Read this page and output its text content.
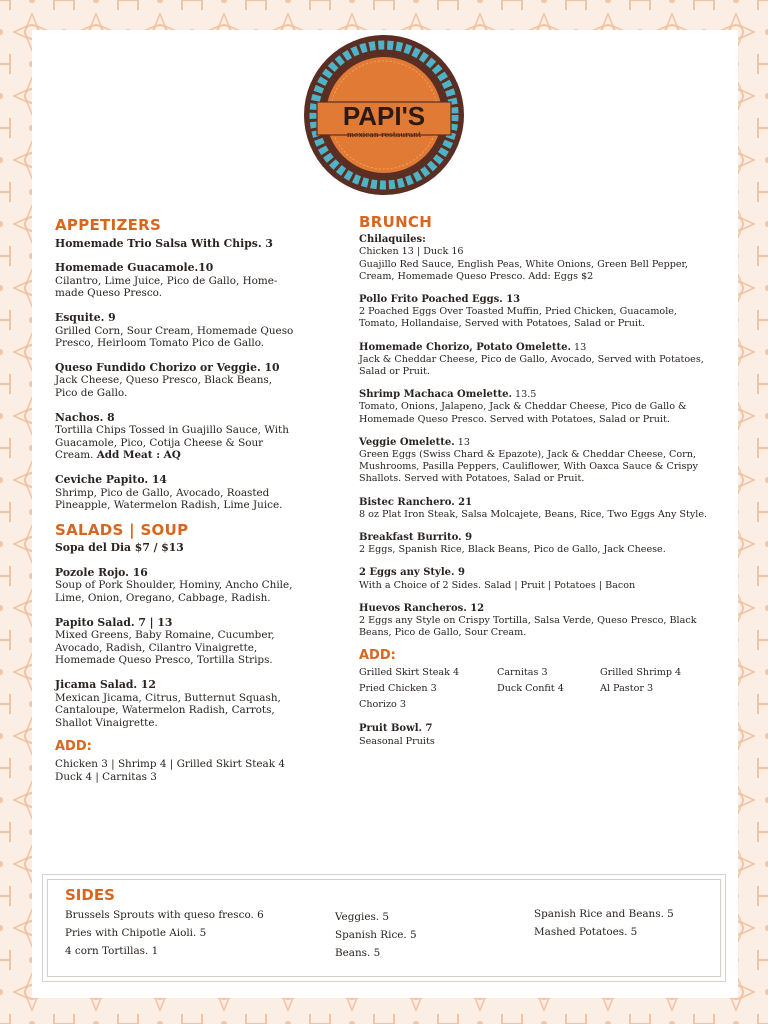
PAPI'S
mexican restaurant
APPETIZERS
Homemade Trio Salsa With Chips. 3
Homemade Guacamole.10
Cilantro, Lime Juice, Pico de Gallo, Home-made Queso Presco.
Esquite. 9
Grilled Corn, Sour Cream, Homemade Queso Presco, Heirloom Tomato Pico de Gallo.
Queso Fundido Chorizo or Veggie. 10
Jack Cheese, Queso Presco, Black Beans, Pico de Gallo.
Nachos. 8
Tortilla Chips Tossed in Guajillo Sauce, With Guacamole, Pico, Cotija Cheese & Sour Cream. Add Meat : AQ
Ceviche Papito. 14
Shrimp, Pico de Gallo, Avocado, Roasted Pineapple, Watermelon Radish, Lime Juice.
SALADS | SOUP
Sopa del Dia $7 / $13
Pozole Rojo. 16
Soup of Pork Shoulder, Hominy, Ancho Chile, Lime, Onion, Oregano, Cabbage, Radish.
Papito Salad. 7 | 13
Mixed Greens, Baby Romaine, Cucumber, Avocado, Radish, Cilantro Vinaigrette, Homemade Queso Presco, Tortilla Strips.
Jicama Salad. 12
Mexican Jicama, Citrus, Butternut Squash, Cantaloupe, Watermelon Radish, Carrots, Shallot Vinaigrette.
ADD:
Chicken 3 | Shrimp 4 | Grilled Skirt Steak 4
Duck 4 | Carnitas 3
BRUNCH
Chilaquiles:
Chicken 13 | Duck 16
Guajillo Red Sauce, English Peas, White Onions, Green Bell Pepper, Cream, Homemade Queso Presco. Add: Eggs $2
Pollo Frito Poached Eggs. 13
2 Poached Eggs Over Toasted Muffin, Pried Chicken, Guacamole, Tomato, Hollandaise, Served with Potatoes, Salad or Pruit.
Homemade Chorizo, Potato Omelette. 13
Jack & Cheddar Cheese, Pico de Gallo, Avocado, Served with Potatoes, Salad or Pruit.
Shrimp Machaca Omelette. 13.5
Tomato, Onions, Jalapeno, Jack & Cheddar Cheese, Pico de Gallo & Homemade Queso Presco. Served with Potatoes, Salad or Pruit.
Veggie Omelette. 13
Green Eggs (Swiss Chard & Epazote), Jack & Cheddar Cheese, Corn, Mushrooms, Pasilla Peppers, Cauliflower, With Oaxca Sauce & Crispy Shallots. Served with Potatoes, Salad or Pruit.
Bistec Ranchero. 21
8 oz Plat Iron Steak, Salsa Molcajete, Beans, Rice, Two Eggs Any Style.
Breakfast Burrito. 9
2 Eggs, Spanish Rice, Black Beans, Pico de Gallo, Jack Cheese.
2 Eggs any Style. 9
With a Choice of 2 Sides. Salad | Pruit | Potatoes | Bacon
Huevos Rancheros. 12
2 Eggs any Style on Crispy Tortilla, Salsa Verde, Queso Presco, Black Beans, Pico de Gallo, Sour Cream.
ADD:
Grilled Skirt Steak 4	Carnitas 3	Grilled Shrimp 4
Pried Chicken 3	Duck Confit 4	Al Pastor 3
Chorizo 3
Pruit Bowl. 7
Seasonal Pruits
SIDES
Brussels Sprouts with queso fresco. 6
Pries with Chipotle Aioli. 5
4 corn Tortillas. 1
Veggies. 5
Spanish Rice. 5
Beans. 5
Spanish Rice and Beans. 5
Mashed Potatoes. 5
